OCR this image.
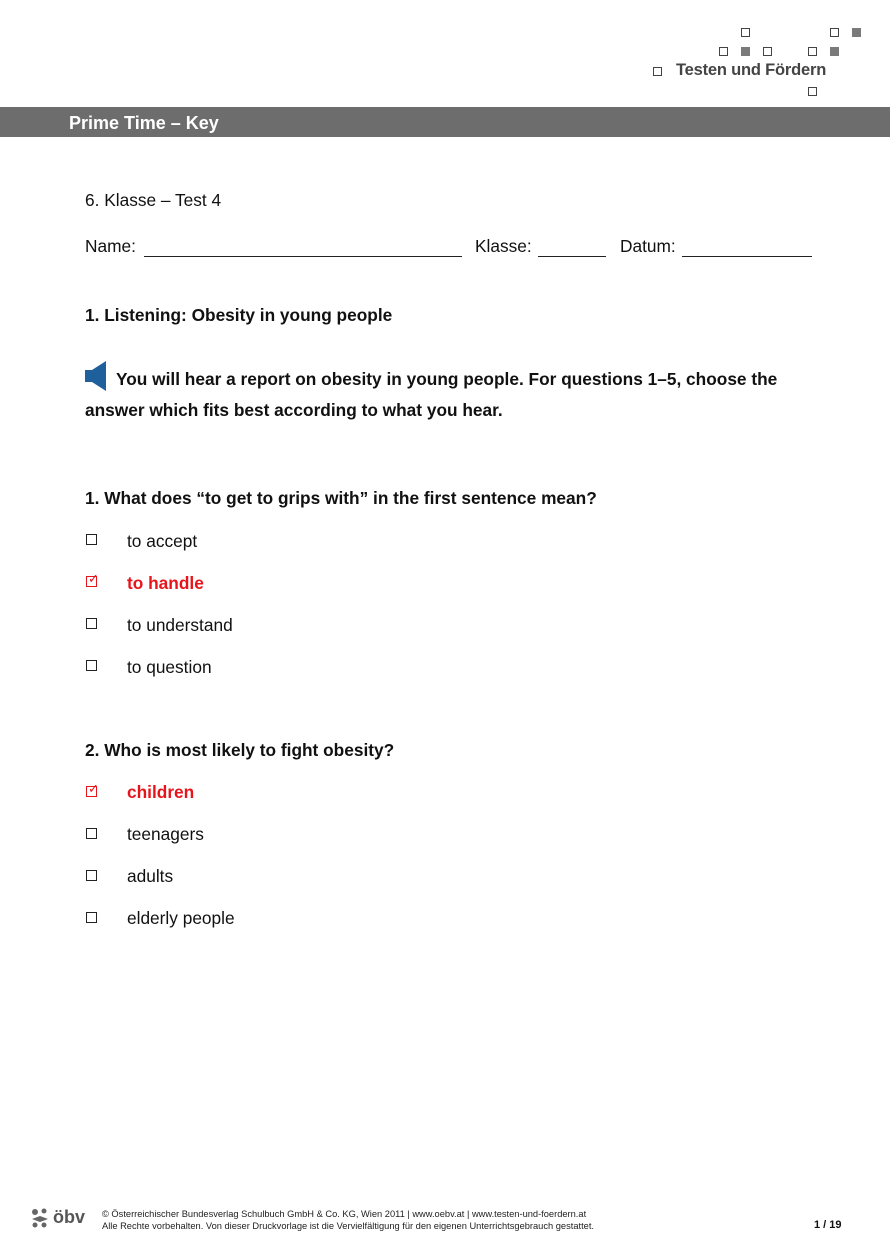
Testen und Fördern
Prime Time – Key
6. Klasse – Test 4
Name:	Klasse:	Datum:
1. Listening: Obesity in young people
You will hear a report on obesity in young people. For questions 1–5, choose the
answer which fits best according to what you hear.
1. What does “to get to grips with” in the first sentence mean?
to accept
✓ to handle
to understand
to question
2. Who is most likely to fight obesity?
✓ children
teenagers
adults
elderly people
öbv © Österreichischer Bundesverlag Schulbuch GmbH & Co. KG, Wien 2011 | www.oebv.at | www.testen-und-foerdern.at
Alle Rechte vorbehalten. Von dieser Druckvorlage ist die Vervielfältigung für den eigenen Unterrichtsgebrauch gestattet.	1 / 19
